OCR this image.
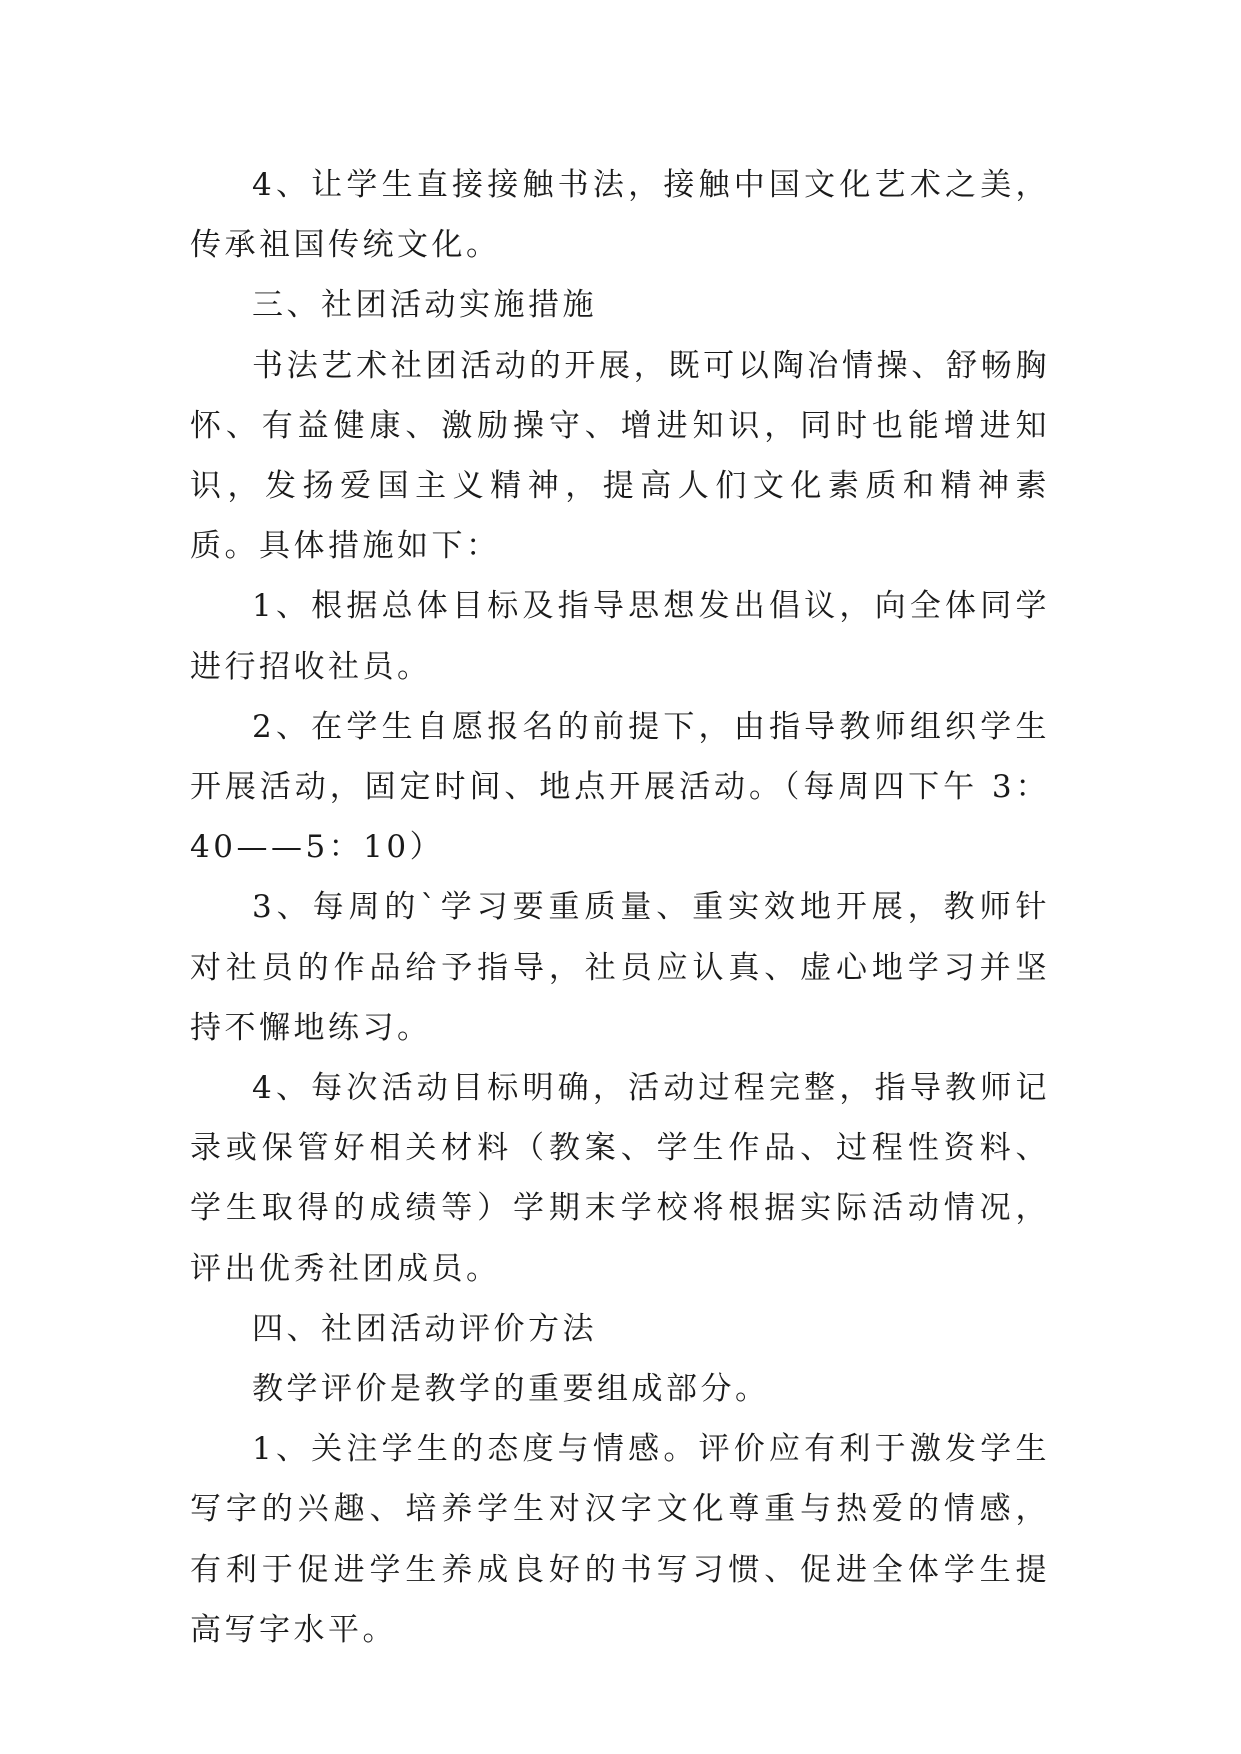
4、让学生直接接触书法，接触中国文化艺术之美，传承祖国传统文化。

三、社团活动实施措施

书法艺术社团活动的开展，既可以陶冶情操、舒畅胸怀、有益健康、激励操守、增进知识，同时也能增进知识，发扬爱国主义精神，提高人们文化素质和精神素质。具体措施如下：

1、根据总体目标及指导思想发出倡议，向全体同学进行招收社员。

2、在学生自愿报名的前提下，由指导教师组织学生开展活动，固定时间、地点开展活动。（每周四下午 3：40——5：10）

3、每周的`学习要重质量、重实效地开展，教师针对社员的作品给予指导，社员应认真、虚心地学习并坚持不懈地练习。

4、每次活动目标明确，活动过程完整，指导教师记录或保管好相关材料（教案、学生作品、过程性资料、学生取得的成绩等）学期末学校将根据实际活动情况，评出优秀社团成员。

四、社团活动评价方法

教学评价是教学的重要组成部分。

1、关注学生的态度与情感。评价应有利于激发学生写字的兴趣、培养学生对汉字文化尊重与热爱的情感，有利于促进学生养成良好的书写习惯、促进全体学生提高写字水平。
